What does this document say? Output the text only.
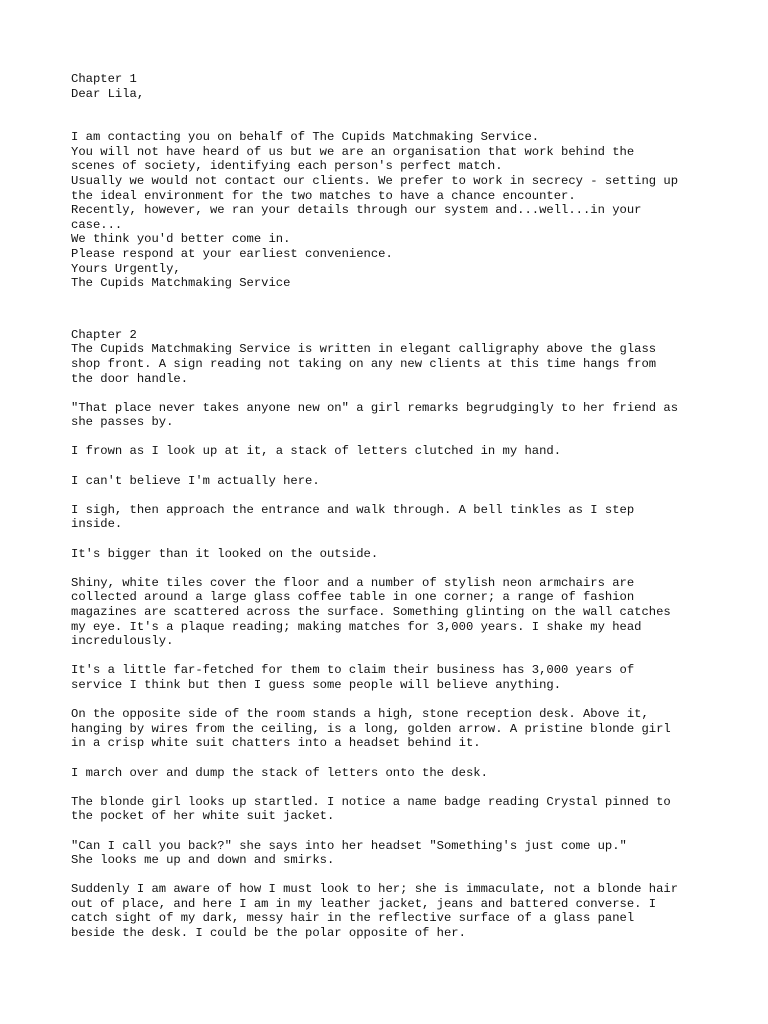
Chapter 1
Dear Lila,
I am contacting you on behalf of The Cupids Matchmaking Service.
You will not have heard of us but we are an organisation that work behind the
scenes of society, identifying each person's perfect match.
Usually we would not contact our clients. We prefer to work in secrecy - setting up
the ideal environment for the two matches to have a chance encounter.
Recently, however, we ran your details through our system and...well...in your
case...
We think you'd better come in.
Please respond at your earliest convenience.
Yours Urgently,
The Cupids Matchmaking Service
Chapter 2
The Cupids Matchmaking Service is written in elegant calligraphy above the glass
shop front. A sign reading not taking on any new clients at this time hangs from
the door handle.
"That place never takes anyone new on" a girl remarks begrudgingly to her friend as
she passes by.
I frown as I look up at it, a stack of letters clutched in my hand.
I can't believe I'm actually here.
I sigh, then approach the entrance and walk through. A bell tinkles as I step
inside.
It's bigger than it looked on the outside.
Shiny, white tiles cover the floor and a number of stylish neon armchairs are
collected around a large glass coffee table in one corner; a range of fashion
magazines are scattered across the surface. Something glinting on the wall catches
my eye. It's a plaque reading; making matches for 3,000 years. I shake my head
incredulously.
It's a little far-fetched for them to claim their business has 3,000 years of
service I think but then I guess some people will believe anything.
On the opposite side of the room stands a high, stone reception desk. Above it,
hanging by wires from the ceiling, is a long, golden arrow. A pristine blonde girl
in a crisp white suit chatters into a headset behind it.
I march over and dump the stack of letters onto the desk.
The blonde girl looks up startled. I notice a name badge reading Crystal pinned to
the pocket of her white suit jacket.
"Can I call you back?" she says into her headset "Something's just come up."
She looks me up and down and smirks.
Suddenly I am aware of how I must look to her; she is immaculate, not a blonde hair
out of place, and here I am in my leather jacket, jeans and battered converse. I
catch sight of my dark, messy hair in the reflective surface of a glass panel
beside the desk. I could be the polar opposite of her.
